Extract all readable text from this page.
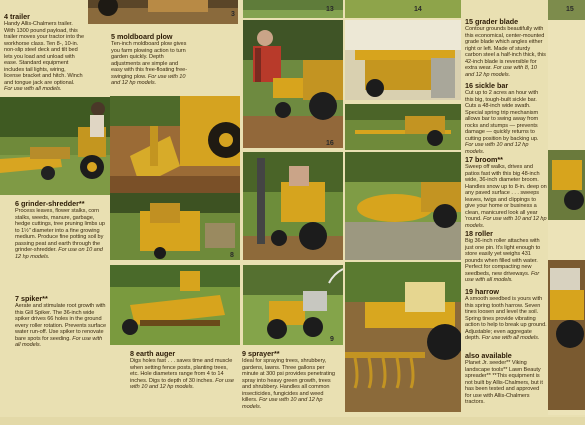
4 trailer
Handy Allis-Chalmers trailer. With 1300 pound payload, this trailer moves your tractor into the workhorse class. Ten 8-, 10-in. non-slip steel deck and tilt bed lets you load and unload with ease. Standard equipment includes tail lights, wiring, license bracket and hitch. Winch and tongue jack are optional. For use with all models.
6 grinder-shredder**
Process leaves, flower stalks, corn stalks, weeds, manure, garbage, hedge cuttings, tree pruning limbs up to 1½" diameter into a fine growing medium. Produce fine potting soil by passing peat and earth through the grinder-shredder. For use on 10 and 12 hp models.
7 spiker**
Aerate and stimulate root growth with this Gill Spiker. The 36-inch wide spiker drives 66 holes in the ground every roller rotation. Prevents surface water run-off. Use spiker to renovate bare spots for seeding. For use with all models.
5 moldboard plow
Ten-inch moldboard plow gives you farm plowing action to turn garden quickly. Depth adjustments are simple and easy with this free-floating free-swinging plow. For use with 10 and 12 hp models.
8 earth auger
Digs holes fast . . . saves time and muscle when setting fence posts, planting trees, etc. Hole diameters range from 4 to 14 inches. Digs to depth of 30 inches. For use with 10 and 12 hp models.
9 sprayer**
Ideal for spraying trees, shrubbery, gardens, lawns. Three gallons per minute at 300 psi provides penetrating spray into heavy green growth, trees and shrubbery. Handles all common insecticides, fungicides and weed killers. For use with 10 and 12 hp models.
15 grader blade
Contour grounds beautifully with this economical, center-mounted grade blade which angles either right or left. Made of sturdy carbon steel a half-inch thick, this 42-inch blade is reversible for extra wear. For use with 8, 10 and 12 hp models.
16 sickle bar
Cut up to 2 acres an hour with this big, tough-built sickle bar. Cuts a 48-inch wide swath. Special spring trip mechanism allows bar to swing away from rocks and stumps — prevents damage — quickly returns to cutting position by backing up. For use with 10 and 12 hp models.
17 broom**
Sweep off walks, drives and patios fast with this big 48-inch wide, 36-inch diameter broom. Handles snow up to 8-in. deep on any paved surface . . . sweeps leaves, twigs and clippings to give your home or business a clean, manicured look all year 'round. For use with 10 and 12 hp models.
18 roller
Big 36-inch roller attaches with just one pin. It's light enough to store easily yet weighs 431 pounds when filled with water. Perfect for compacting new seedbeds, new driveways. For use with all models.
19 harrow
A smooth seedbed is yours with this spring tooth harrow. Seven tines loosen and level the soil. Spring tines provide vibrating action to help to break up ground. Adjustable; even aggregate depth. For use with all models.
also available
Planet Jr. seeder** Viking landscape tools** Lawn Beauty spreader** **This equipment is not built by Allis-Chalmers, but it has been tested and approved for use with Allis-Chalmers tractors.
3
13	14	15
16
8
9
